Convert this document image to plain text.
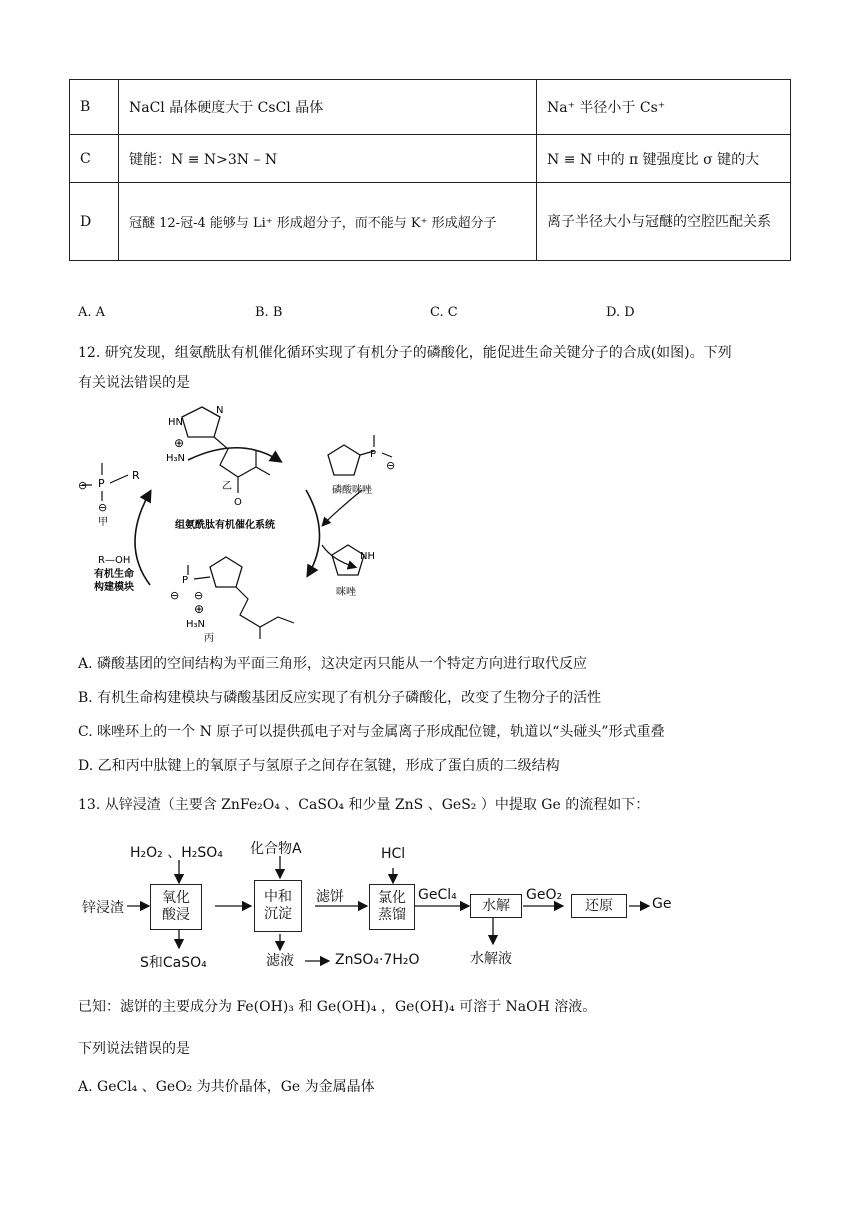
B	NaCl 晶体硬度大于 CsCl 晶体	Na⁺ 半径小于 Cs⁺
C	键能：N ≡ N>3N – N	N ≡ N 中的 π 键强度比 σ 键的大
D	冠醚 12-冠-4 能够与 Li⁺ 形成超分子，而不能与 K⁺ 形成超分子	离子半径大小与冠醚的空腔匹配关系
A. A	B. B	C. C	D. D
12. 研究发现，组氨酰肽有机催化循环实现了有机分子的磷酸化，能促进生命关键分子的合成(如图)。下列
有关说法错误的是
HN
N
H₃N
⊕
O
乙
P
R
⊖
⊖
甲
P
⊖
磷酸咪唑
NH
咪唑
组氨酰肽有机催化系统
R—OH
有机生命
构建模块
P
⊖ ⊖
H₃N
⊕
丙
A. 磷酸基团的空间结构为平面三角形，这决定丙只能从一个特定方向进行取代反应
B. 有机生命构建模块与磷酸基团反应实现了有机分子磷酸化，改变了生物分子的活性
C. 咪唑环上的一个 N 原子可以提供孤电子对与金属离子形成配位键，轨道以“头碰头”形式重叠
D. 乙和丙中肽键上的氧原子与氢原子之间存在氢键，形成了蛋白质的二级结构
13. 从锌浸渣（主要含 ZnFe₂O₄ 、CaSO₄ 和少量 ZnS 、GeS₂ ）中提取 Ge 的流程如下：
H₂O₂ 、H₂SO₄ 化合物A	HCl
锌浸渣
氧化
酸浸
中和
沉淀
滤饼	氯化
蒸馏
GeCl₄
水解
GeO₂
还原	Ge
S和CaSO₄	滤液	ZnSO₄·7H₂O	水解液
已知：滤饼的主要成分为 Fe(OH)₃ 和 Ge(OH)₄ ，Ge(OH)₄ 可溶于 NaOH 溶液。
下列说法错误的是
A. GeCl₄ 、GeO₂ 为共价晶体，Ge 为金属晶体
